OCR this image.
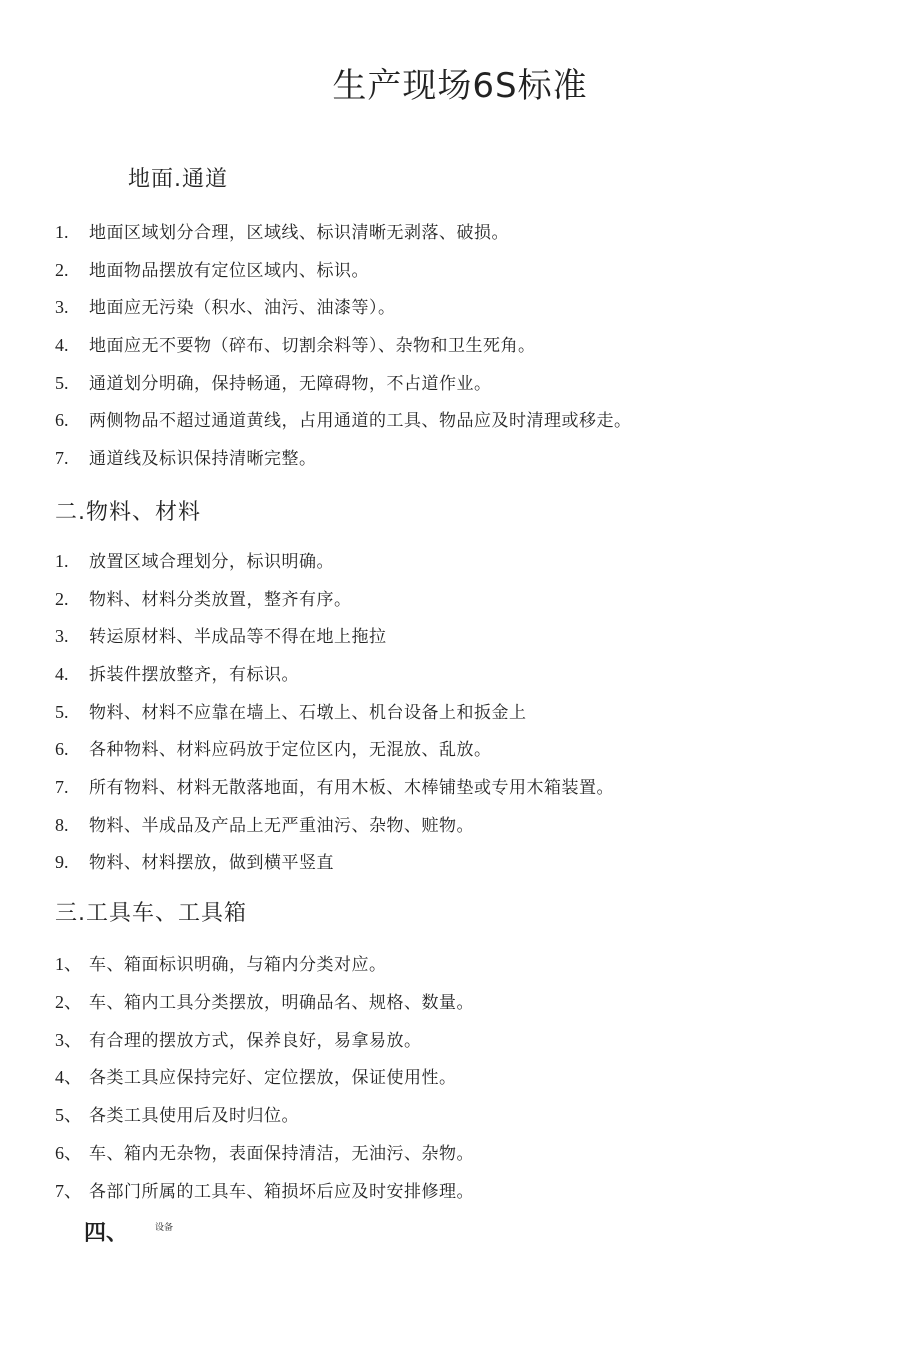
生产现场6S标准
地面.通道
1. 地面区域划分合理，区域线、标识清晰无剥落、破损。
2. 地面物品摆放有定位区域内、标识。
3. 地面应无污染（积水、油污、油漆等）。
4. 地面应无不要物（碎布、切割余料等）、杂物和卫生死角。
5. 通道划分明确，保持畅通，无障碍物，不占道作业。
6. 两侧物品不超过通道黄线，占用通道的工具、物品应及时清理或移走。
7. 通道线及标识保持清晰完整。
二.物料、材料
1. 放置区域合理划分，标识明确。
2. 物料、材料分类放置，整齐有序。
3. 转运原材料、半成品等不得在地上拖拉
4. 拆装件摆放整齐，有标识。
5. 物料、材料不应靠在墙上、石墩上、机台设备上和扳金上
6. 各种物料、材料应码放于定位区内，无混放、乱放。
7. 所有物料、材料无散落地面，有用木板、木棒铺垫或专用木箱装置。
8. 物料、半成品及产品上无严重油污、杂物、赃物。
9. 物料、材料摆放，做到横平竖直
三.工具车、工具箱
1、 车、箱面标识明确，与箱内分类对应。
2、 车、箱内工具分类摆放，明确品名、规格、数量。
3、 有合理的摆放方式，保养良好，易拿易放。
4、 各类工具应保持完好、定位摆放，保证使用性。
5、 各类工具使用后及时归位。
6、 车、箱内无杂物，表面保持清洁，无油污、杂物。
7、 各部门所属的工具车、箱损坏后应及时安排修理。
四、	设备
